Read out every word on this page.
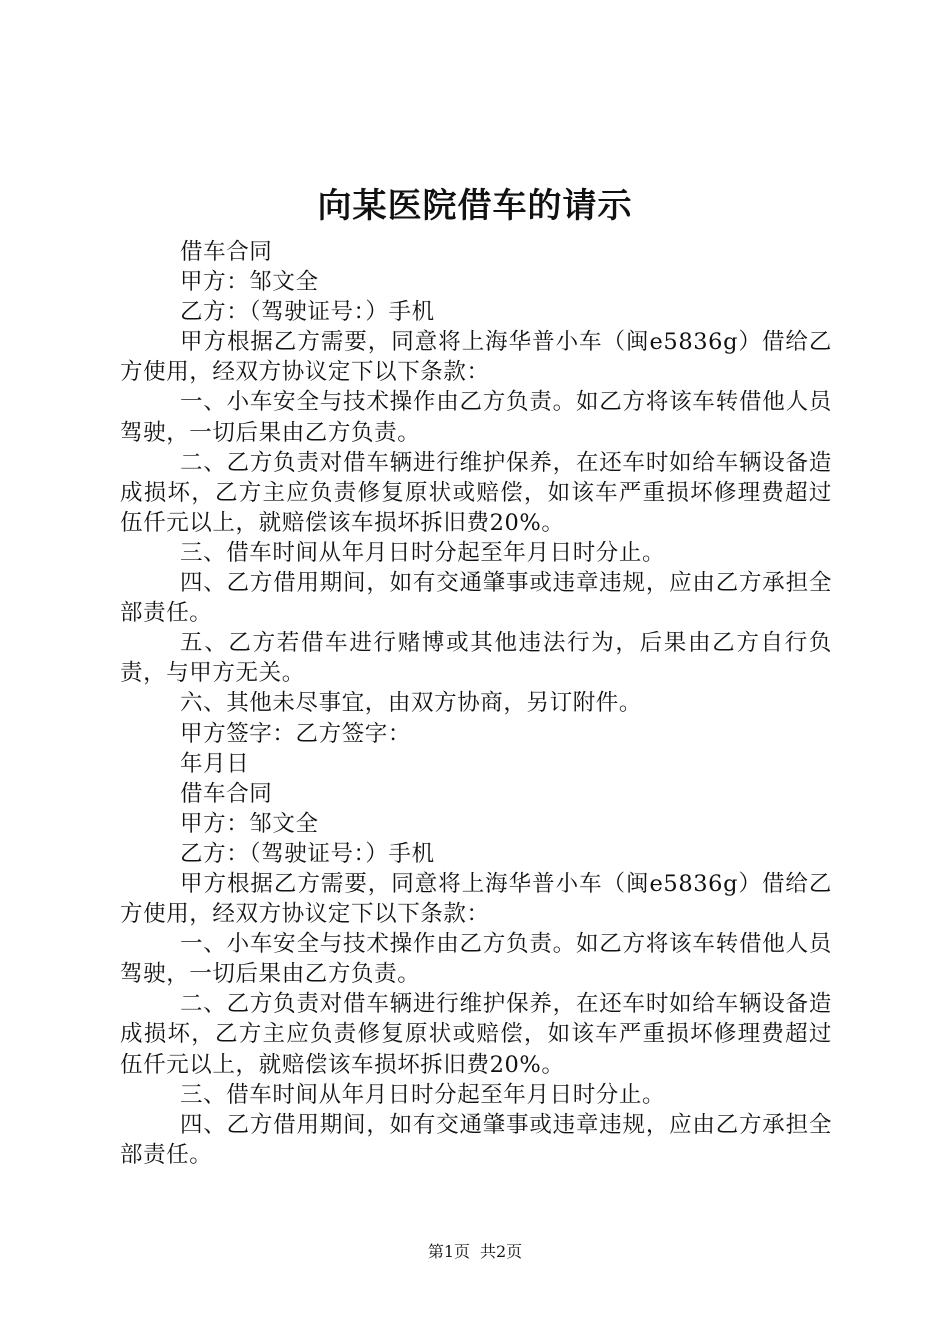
向某医院借车的请示

借车合同

甲方：邹文全

乙方：（驾驶证号：）手机

甲方根据乙方需要，同意将上海华普小车（闽e5836g）借给乙方使用，经双方协议定下以下条款：

一、小车安全与技术操作由乙方负责。如乙方将该车转借他人员驾驶，一切后果由乙方负责。

二、乙方负责对借车辆进行维护保养，在还车时如给车辆设备造成损坏，乙方主应负责修复原状或赔偿，如该车严重损坏修理费超过伍仟元以上，就赔偿该车损坏拆旧费20%。

三、借车时间从年月日时分起至年月日时分止。

四、乙方借用期间，如有交通肇事或违章违规，应由乙方承担全部责任。

五、乙方若借车进行赌博或其他违法行为，后果由乙方自行负责，与甲方无关。

六、其他未尽事宜，由双方协商，另订附件。

甲方签字：乙方签字：

年月日

借车合同

甲方：邹文全

乙方：（驾驶证号：）手机

甲方根据乙方需要，同意将上海华普小车（闽e5836g）借给乙方使用，经双方协议定下以下条款：

一、小车安全与技术操作由乙方负责。如乙方将该车转借他人员驾驶，一切后果由乙方负责。

二、乙方负责对借车辆进行维护保养，在还车时如给车辆设备造成损坏，乙方主应负责修复原状或赔偿，如该车严重损坏修理费超过伍仟元以上，就赔偿该车损坏拆旧费20%。

三、借车时间从年月日时分起至年月日时分止。

四、乙方借用期间，如有交通肇事或违章违规，应由乙方承担全部责任。

第1页 共2页
